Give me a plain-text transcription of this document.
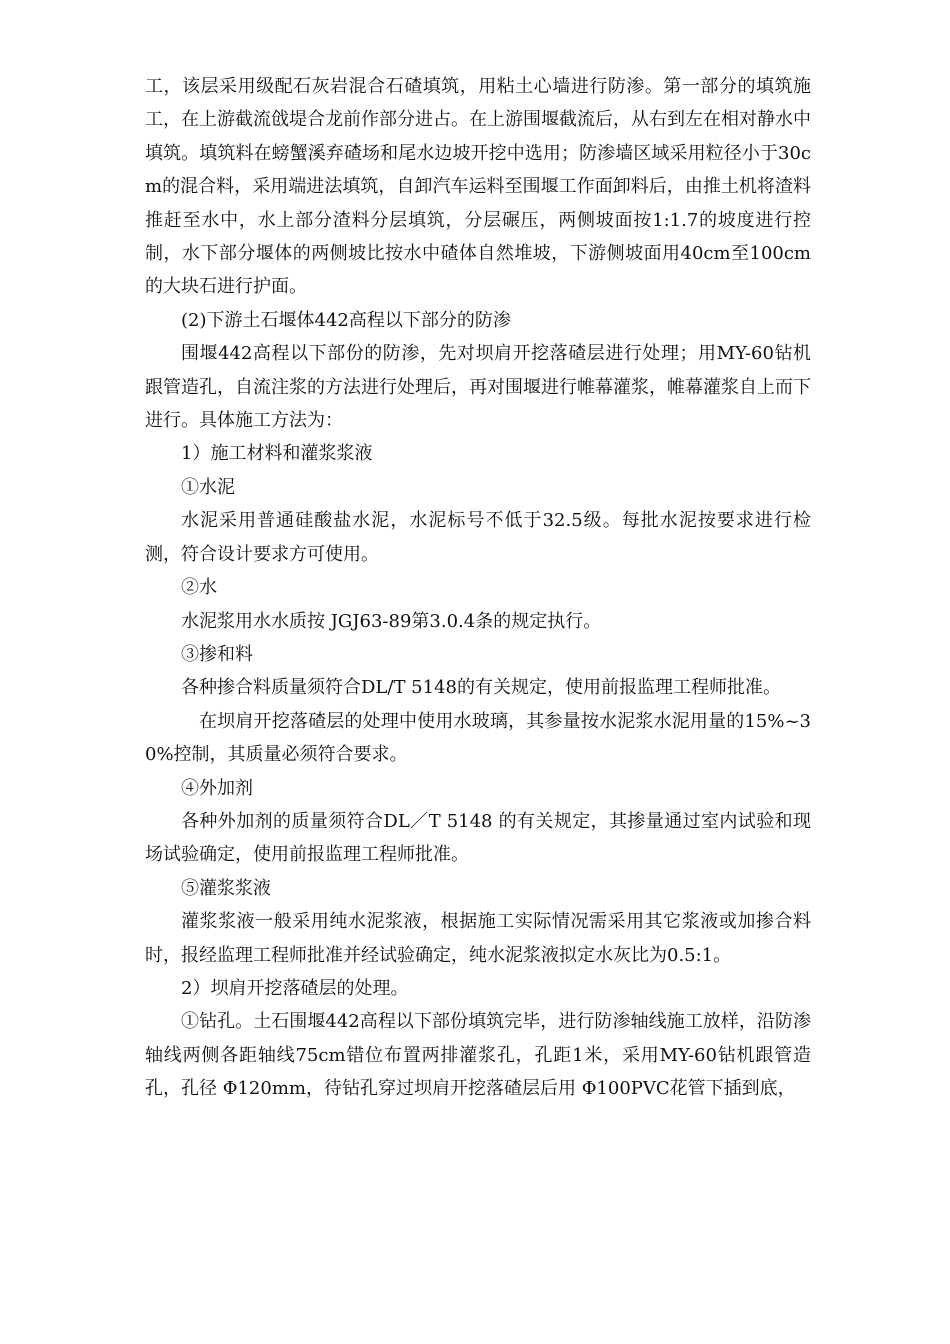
工，该层采用级配石灰岩混合石碴填筑，用粘土心墙进行防渗。第一部分的填筑施工，在上游截流戗堤合龙前作部分进占。在上游围堰截流后，从右到左在相对静水中填筑。填筑料在螃蟹溪弃碴场和尾水边坡开挖中选用；防渗墙区域采用粒径小于30cm的混合料，采用端进法填筑，自卸汽车运料至围堰工作面卸料后，由推土机将渣料推赶至水中，水上部分渣料分层填筑，分层碾压，两侧坡面按1:1.7的坡度进行控制，水下部分堰体的两侧坡比按水中碴体自然堆坡，下游侧坡面用40cm至100cm的大块石进行护面。

(2)下游土石堰体442高程以下部分的防渗

围堰442高程以下部份的防渗，先对坝肩开挖落碴层进行处理；用MY-60钻机跟管造孔，自流注浆的方法进行处理后，再对围堰进行帷幕灌浆，帷幕灌浆自上而下进行。具体施工方法为：

1）施工材料和灌浆浆液

①水泥

水泥采用普通硅酸盐水泥，水泥标号不低于32.5级。每批水泥按要求进行检测，符合设计要求方可使用。

②水

水泥浆用水水质按 JGJ63-89第3.0.4条的规定执行。

③掺和料

各种掺合料质量须符合DL/T 5148的有关规定，使用前报监理工程师批准。

在坝肩开挖落碴层的处理中使用水玻璃，其参量按水泥浆水泥用量的15%~30%控制，其质量必须符合要求。

④外加剂

各种外加剂的质量须符合DL／T 5148 的有关规定，其掺量通过室内试验和现场试验确定，使用前报监理工程师批准。

⑤灌浆浆液

灌浆浆液一般采用纯水泥浆液，根据施工实际情况需采用其它浆液或加掺合料时，报经监理工程师批准并经试验确定，纯水泥浆液拟定水灰比为0.5:1。

2）坝肩开挖落碴层的处理。

①钻孔。土石围堰442高程以下部份填筑完毕，进行防渗轴线施工放样，沿防渗轴线两侧各距轴线75cm错位布置两排灌浆孔，孔距1米，采用MY-60钻机跟管造孔，孔径 Φ120mm，待钻孔穿过坝肩开挖落碴层后用 Φ100PVC花管下插到底，
